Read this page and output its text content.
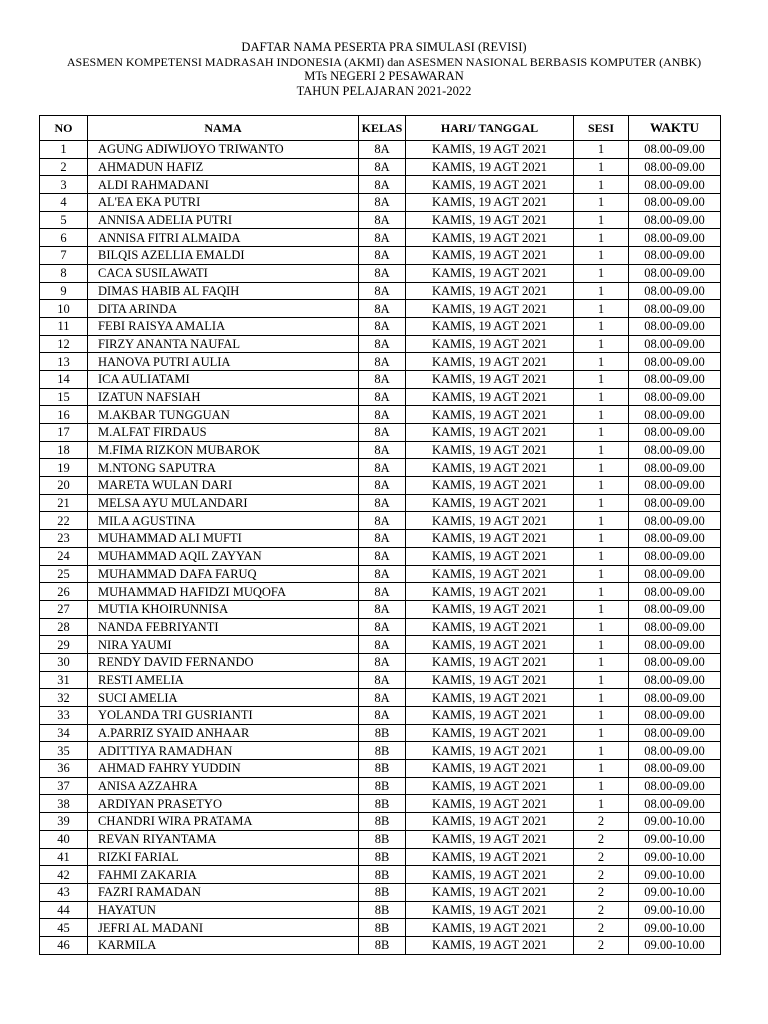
DAFTAR NAMA PESERTA PRA SIMULASI (REVISI)
ASESMEN KOMPETENSI MADRASAH INDONESIA (AKMI) dan ASESMEN NASIONAL BERBASIS KOMPUTER (ANBK)
MTs NEGERI 2 PESAWARAN
TAHUN PELAJARAN 2021-2022
NO	NAMA	KELAS	HARI/ TANGGAL	SESI	WAKTU
1	AGUNG ADIWIJOYO TRIWANTO	8A	KAMIS, 19 AGT 2021	1	08.00-09.00
2	AHMADUN HAFIZ	8A	KAMIS, 19 AGT 2021	1	08.00-09.00
3	ALDI RAHMADANI	8A	KAMIS, 19 AGT 2021	1	08.00-09.00
4	AL'EA EKA PUTRI	8A	KAMIS, 19 AGT 2021	1	08.00-09.00
5	ANNISA ADELIA PUTRI	8A	KAMIS, 19 AGT 2021	1	08.00-09.00
6	ANNISA FITRI ALMAIDA	8A	KAMIS, 19 AGT 2021	1	08.00-09.00
7	BILQIS AZELLIA EMALDI	8A	KAMIS, 19 AGT 2021	1	08.00-09.00
8	CACA SUSILAWATI	8A	KAMIS, 19 AGT 2021	1	08.00-09.00
9	DIMAS HABIB AL FAQIH	8A	KAMIS, 19 AGT 2021	1	08.00-09.00
10	DITA ARINDA	8A	KAMIS, 19 AGT 2021	1	08.00-09.00
11	FEBI RAISYA AMALIA	8A	KAMIS, 19 AGT 2021	1	08.00-09.00
12	FIRZY ANANTA NAUFAL	8A	KAMIS, 19 AGT 2021	1	08.00-09.00
13	HANOVA PUTRI AULIA	8A	KAMIS, 19 AGT 2021	1	08.00-09.00
14	ICA AULIATAMI	8A	KAMIS, 19 AGT 2021	1	08.00-09.00
15	IZATUN NAFSIAH	8A	KAMIS, 19 AGT 2021	1	08.00-09.00
16	M.AKBAR TUNGGUAN	8A	KAMIS, 19 AGT 2021	1	08.00-09.00
17	M.ALFAT FIRDAUS	8A	KAMIS, 19 AGT 2021	1	08.00-09.00
18	M.FIMA RIZKON MUBAROK	8A	KAMIS, 19 AGT 2021	1	08.00-09.00
19	M.NTONG SAPUTRA	8A	KAMIS, 19 AGT 2021	1	08.00-09.00
20	MARETA WULAN DARI	8A	KAMIS, 19 AGT 2021	1	08.00-09.00
21	MELSA AYU MULANDARI	8A	KAMIS, 19 AGT 2021	1	08.00-09.00
22	MILA AGUSTINA	8A	KAMIS, 19 AGT 2021	1	08.00-09.00
23	MUHAMMAD ALI MUFTI	8A	KAMIS, 19 AGT 2021	1	08.00-09.00
24	MUHAMMAD AQIL ZAYYAN	8A	KAMIS, 19 AGT 2021	1	08.00-09.00
25	MUHAMMAD DAFA FARUQ	8A	KAMIS, 19 AGT 2021	1	08.00-09.00
26	MUHAMMAD HAFIDZI MUQOFA	8A	KAMIS, 19 AGT 2021	1	08.00-09.00
27	MUTIA KHOIRUNNISA	8A	KAMIS, 19 AGT 2021	1	08.00-09.00
28	NANDA FEBRIYANTI	8A	KAMIS, 19 AGT 2021	1	08.00-09.00
29	NIRA YAUMI	8A	KAMIS, 19 AGT 2021	1	08.00-09.00
30	RENDY DAVID FERNANDO	8A	KAMIS, 19 AGT 2021	1	08.00-09.00
31	RESTI AMELIA	8A	KAMIS, 19 AGT 2021	1	08.00-09.00
32	SUCI AMELIA	8A	KAMIS, 19 AGT 2021	1	08.00-09.00
33	YOLANDA TRI GUSRIANTI	8A	KAMIS, 19 AGT 2021	1	08.00-09.00
34	A.PARRIZ SYAID ANHAAR	8B	KAMIS, 19 AGT 2021	1	08.00-09.00
35	ADITTIYA RAMADHAN	8B	KAMIS, 19 AGT 2021	1	08.00-09.00
36	AHMAD FAHRY YUDDIN	8B	KAMIS, 19 AGT 2021	1	08.00-09.00
37	ANISA AZZAHRA	8B	KAMIS, 19 AGT 2021	1	08.00-09.00
38	ARDIYAN PRASETYO	8B	KAMIS, 19 AGT 2021	1	08.00-09.00
39	CHANDRI WIRA PRATAMA	8B	KAMIS, 19 AGT 2021	2	09.00-10.00
40	REVAN RIYANTAMA	8B	KAMIS, 19 AGT 2021	2	09.00-10.00
41	RIZKI FARIAL	8B	KAMIS, 19 AGT 2021	2	09.00-10.00
42	FAHMI ZAKARIA	8B	KAMIS, 19 AGT 2021	2	09.00-10.00
43	FAZRI RAMADAN	8B	KAMIS, 19 AGT 2021	2	09.00-10.00
44	HAYATUN	8B	KAMIS, 19 AGT 2021	2	09.00-10.00
45	JEFRI AL MADANI	8B	KAMIS, 19 AGT 2021	2	09.00-10.00
46	KARMILA	8B	KAMIS, 19 AGT 2021	2	09.00-10.00
